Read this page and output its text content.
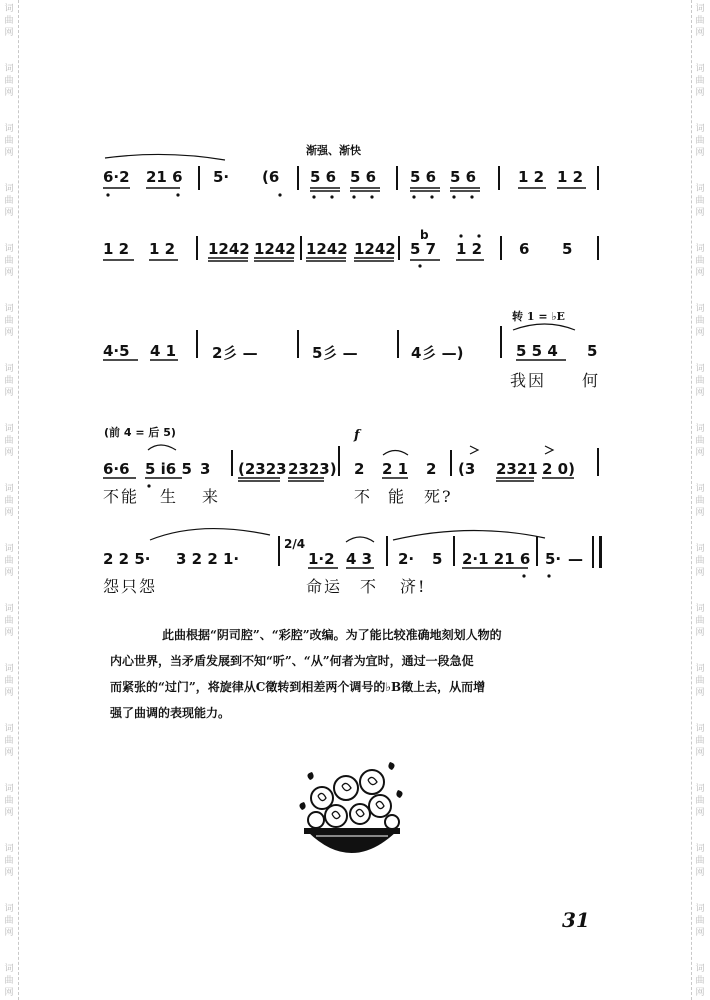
渐强、渐快
6·2 21 6 5· (6 5 6 5 6 5 6 5 6	1 2 1 2
1 2 1 2 1242 1242 1242 1242
b
5 7 1 2 6 5
转 1 = ♭E
4·5 4 1 2彡 —	5彡 —	4彡 —)	5 5 4 5
我因 何
(前 4 = 后 5)	f
6·6 5 i6 5 3 (2323 2323) 2 2 1 2 (3 2321 2 0)
不能 生 来	不 能 死?
2 2 5· 3 2 2 1·
2/4
1·2 4 3 2· 5 2·1 21 6 5· —
怨只怨	命运 不 济!
此曲根据“阴司腔”、“彩腔”改编。为了能比较准确地刻划人物的
内心世界，当矛盾发展到不知“听”、“从”何者为宜时，通过一段急促
而紧张的“过门”，将旋律从C徵转到相差两个调号的♭B徵上去，从而增
强了曲调的表现能力。
31
词
曲
网
词
曲
网
词
曲
网
词
曲
网
词
曲
网
词
曲
网
词
曲
网
词
曲
网
词
曲
网
词
曲
网
词
曲
网
词
曲
网
词
曲
网
词
曲
网
词
曲
网
词
曲
网
词
曲
网
词
曲
网
词
曲
网
词
曲
网
词
曲
网
词
曲
网
词
曲
网
词
曲
网
词
曲
网
词
曲
网
词
曲
网
词
曲
网
词
曲
网
词
曲
网
词
曲
网
词
曲
网
词
曲
网
词
曲
网
